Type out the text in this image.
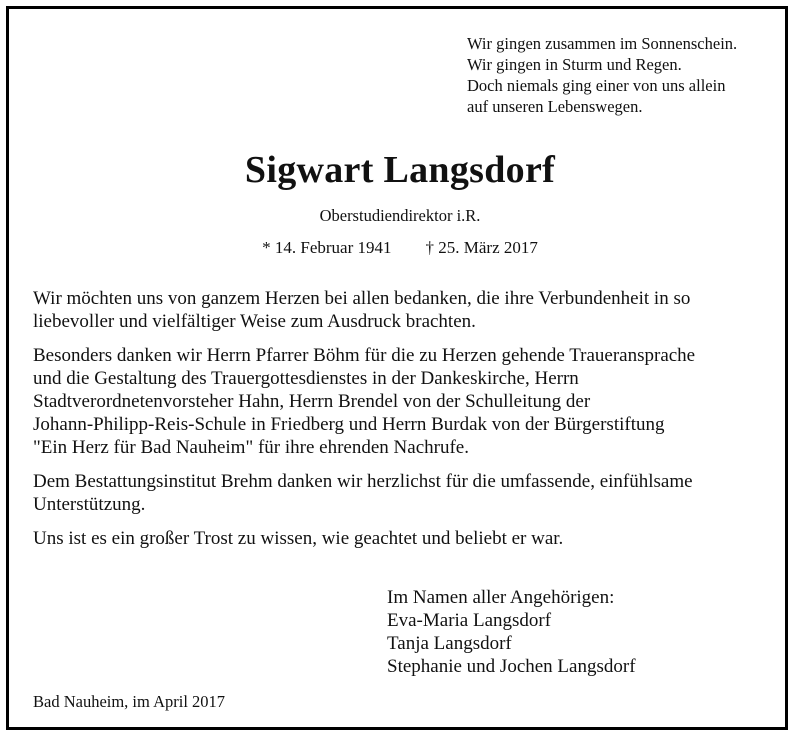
Wir gingen zusammen im Sonnenschein.
Wir gingen in Sturm und Regen.
Doch niemals ging einer von uns allein
auf unseren Lebenswegen.
Sigwart Langsdorf
Oberstudiendirektor i.R.
* 14. Februar 1941 † 25. März 2017
Wir möchten uns von ganzem Herzen bei allen bedanken, die ihre Verbundenheit in so
liebevoller und vielfältiger Weise zum Ausdruck brachten.
Besonders danken wir Herrn Pfarrer Böhm für die zu Herzen gehende Traueransprache
und die Gestaltung des Trauergottesdienstes in der Dankeskirche, Herrn
Stadtverordnetenvorsteher Hahn, Herrn Brendel von der Schulleitung der
Johann-Philipp-Reis-Schule in Friedberg und Herrn Burdak von der Bürgerstiftung
"Ein Herz für Bad Nauheim" für ihre ehrenden Nachrufe.
Dem Bestattungsinstitut Brehm danken wir herzlichst für die umfassende, einfühlsame
Unterstützung.
Uns ist es ein großer Trost zu wissen, wie geachtet und beliebt er war.
Im Namen aller Angehörigen:
Eva-Maria Langsdorf
Tanja Langsdorf
Stephanie und Jochen Langsdorf
Bad Nauheim, im April 2017
